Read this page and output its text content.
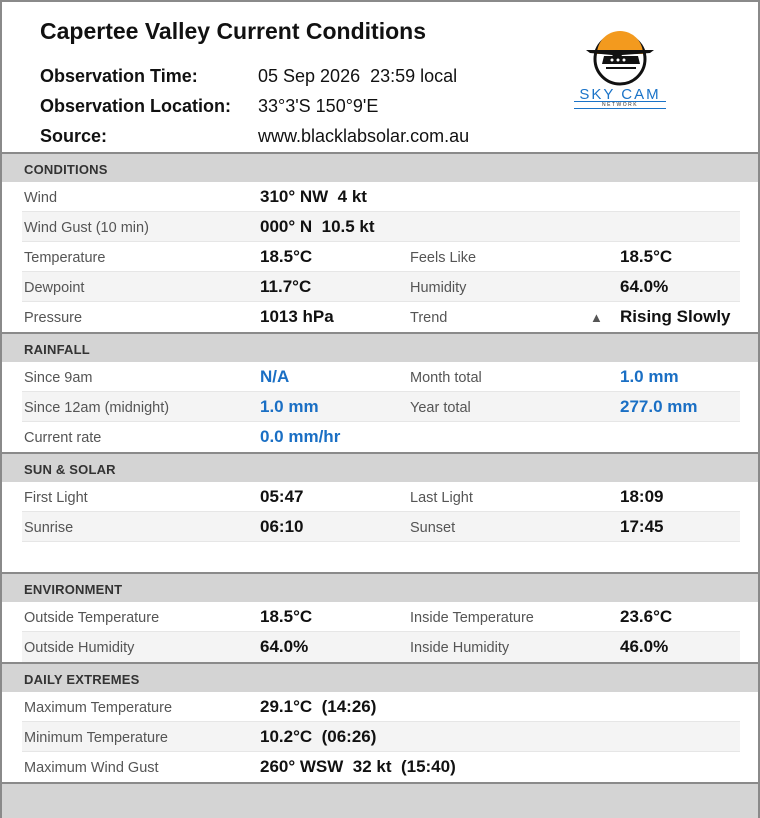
Capertee Valley Current Conditions
Observation Time:	05 Sep 2026  23:59 local
Observation Location: 33°3'S 150°9'E
Source:	www.blacklabsolar.com.au
SKY CAM
NETWORK
CONDITIONS
Wind	310° NW  4 kt
Wind Gust (10 min)	000° N  10.5 kt
Temperature	18.5°C	Feels Like	18.5°C
Dewpoint	11.7°C	Humidity	64.0%
Pressure	1013 hPa	Trend	▲ Rising Slowly
RAINFALL
Since 9am	N/A	Month total	1.0 mm
Since 12am (midnight)	1.0 mm	Year total	277.0 mm
Current rate	0.0 mm/hr
SUN & SOLAR
First Light	05:47	Last Light	18:09
Sunrise	06:10	Sunset	17:45
ENVIRONMENT
Outside Temperature	18.5°C	Inside Temperature	23.6°C
Outside Humidity	64.0%	Inside Humidity	46.0%
DAILY EXTREMES
Maximum Temperature	29.1°C  (14:26)
Minimum Temperature	10.2°C  (06:26)
Maximum Wind Gust	260° WSW  32 kt  (15:40)
